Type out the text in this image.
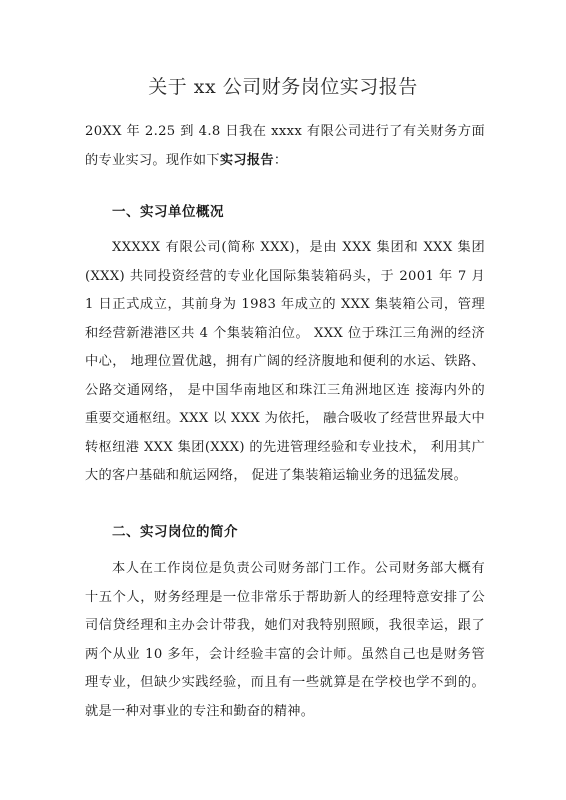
关于 xx 公司财务岗位实习报告

20XX 年 2.25 到 4.8 日我在 xxxx 有限公司进行了有关财务方面的专业实习。现作如下实习报告：

一、实习单位概况

XXXXX 有限公司(简称 XXX)，是由 XXX 集团和 XXX 集团(XXX) 共同投资经营的专业化国际集装箱码头，于 2001 年 7 月 1 日正式成立，其前身为 1983 年成立的 XXX 集装箱公司，管理和经营新港港区共 4 个集装箱泊位。 XXX 位于珠江三角洲的经济中心， 地理位置优越，拥有广阔的经济腹地和便利的水运、铁路、公路交通网络， 是中国华南地区和珠江三角洲地区连 接海内外的重要交通枢纽。XXX 以 XXX 为依托， 融合吸收了经营世界最大中转枢纽港 XXX 集团(XXX) 的先进管理经验和专业技术， 利用其广大的客户基础和航运网络， 促进了集装箱运输业务的迅猛发展。

二、实习岗位的简介

本人在工作岗位是负责公司财务部门工作。公司财务部大概有十五个人，财务经理是一位非常乐于帮助新人的经理特意安排了公司信贷经理和主办会计带我，她们对我特别照顾，我很幸运，跟了两个从业 10 多年，会计经验丰富的会计师。虽然自己也是财务管理专业，但缺少实践经验，而且有一些就算是在学校也学不到的。就是一种对事业的专注和勤奋的精神。
